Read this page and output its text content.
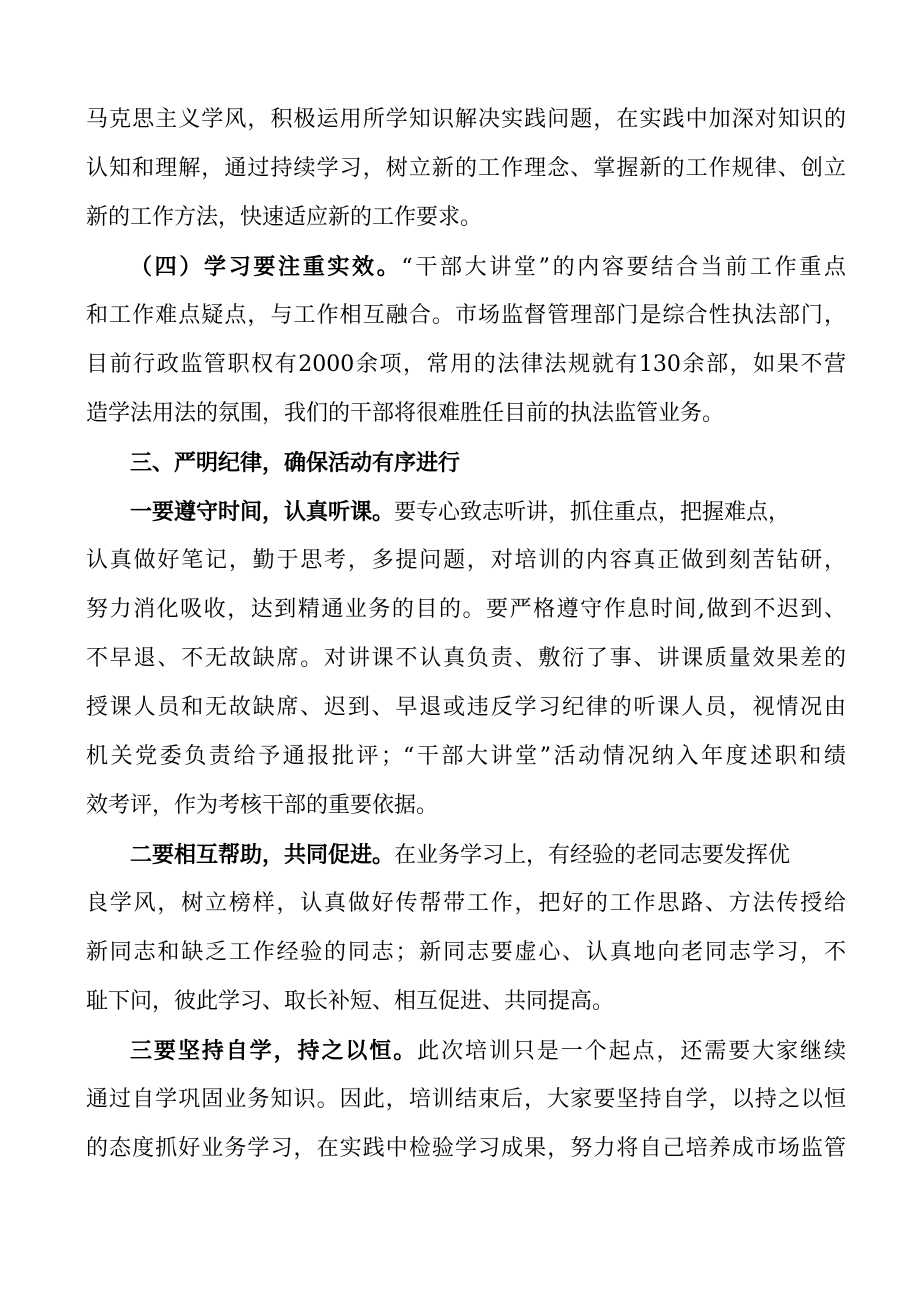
马克思主义学风，积极运用所学知识解决实践问题，在实践中加深对知识的
认知和理解，通过持续学习，树立新的工作理念、掌握新的工作规律、创立
新的工作方法，快速适应新的工作要求。
（四）学习要注重实效。“干部大讲堂”的内容要结合当前工作重点
和工作难点疑点，与工作相互融合。市场监督管理部门是综合性执法部门，
目前行政监管职权有2000余项，常用的法律法规就有130余部，如果不营
造学法用法的氛围，我们的干部将很难胜任目前的执法监管业务。
三、严明纪律，确保活动有序进行
一要遵守时间，认真听课。要专心致志听讲，抓住重点，把握难点，
认真做好笔记，勤于思考，多提问题，对培训的内容真正做到刻苦钻研，
努力消化吸收，达到精通业务的目的。要严格遵守作息时间,做到不迟到、
不早退、不无故缺席。对讲课不认真负责、敷衍了事、讲课质量效果差的
授课人员和无故缺席、迟到、早退或违反学习纪律的听课人员，视情况由
机关党委负责给予通报批评；“干部大讲堂”活动情况纳入年度述职和绩
效考评，作为考核干部的重要依据。
二要相互帮助，共同促进。在业务学习上，有经验的老同志要发挥优
良学风，树立榜样，认真做好传帮带工作，把好的工作思路、方法传授给
新同志和缺乏工作经验的同志；新同志要虚心、认真地向老同志学习，不
耻下问，彼此学习、取长补短、相互促进、共同提高。
三要坚持自学，持之以恒。此次培训只是一个起点，还需要大家继续
通过自学巩固业务知识。因此，培训结束后，大家要坚持自学，以持之以恒
的态度抓好业务学习，在实践中检验学习成果，努力将自己培养成市场监管
